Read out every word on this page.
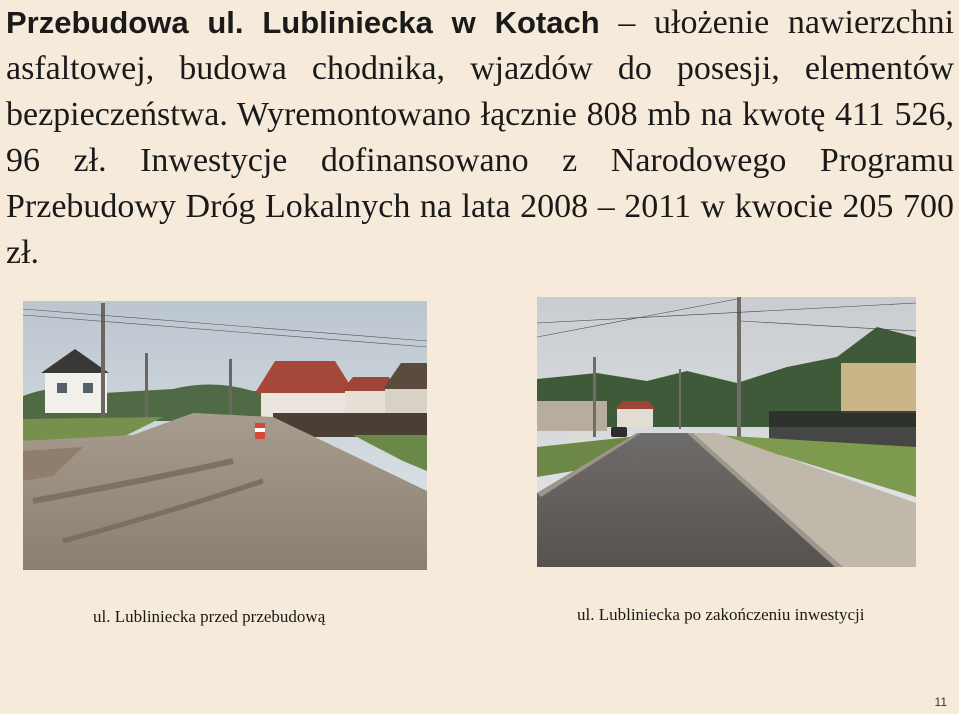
Przebudowa ul. Lubliniecka w Kotach – ułożenie nawierzchni asfaltowej, budowa chodnika, wjazdów do posesji, elementów bezpieczeństwa. Wyremontowano łącznie 808 mb na kwotę 411 526, 96 zł. Inwestycje dofinansowano z Narodowego Programu Przebudowy Dróg Lokalnych na lata 2008 – 2011 w kwocie 205 700 zł.
ul. Lubliniecka przed przebudową	ul. Lubliniecka po zakończeniu inwestycji
11
